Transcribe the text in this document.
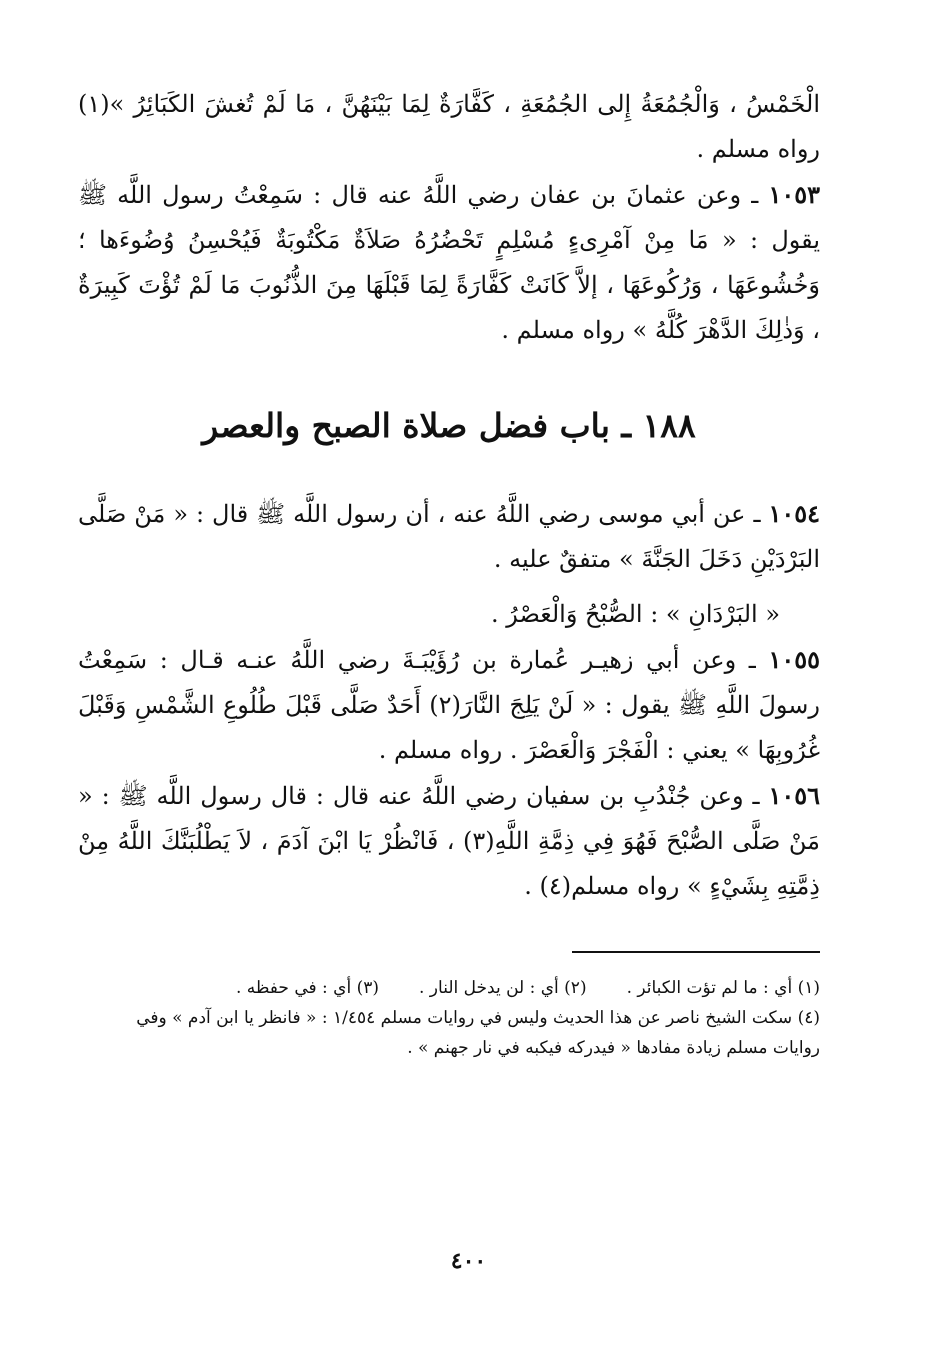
الْخَمْسُ ، وَالْجُمُعَةُ إِلى الجُمُعَةِ ، كَفَّارَةٌ لِمَا بَيْنَهُنَّ ، مَا لَمْ تُغشَ الكَبَائِرُ »(١) رواه مسلم .

١٠٥٣ ـ وعن عثمانَ بن عفان رضي اللَّهُ عنه قال : سَمِعْتُ رسول اللَّه ﷺ يقول : « مَا مِنْ آمْرِىءٍ مُسْلِمٍ تَحْضُرُهُ صَلاَةٌ مَكْتُوبَةٌ فَيُحْسِنُ وُضُوءَها ؛ وَخُشُوعَهَا ، وَرُكُوعَهَا ، إلاَّ كَانَتْ كَفَّارَةً لِمَا قَبْلَهَا مِنَ الذُّنُوبَ مَا لَمْ تُؤْتَ كَبِيرَةٌ ، وَذٰلِكَ الدَّهْرَ كُلَّهُ » رواه مسلم .

١٨٨ ـ باب فضل صلاة الصبح والعصر

١٠٥٤ ـ عن أبي موسى رضي اللَّهُ عنه ، أن رسول اللَّه ﷺ قال : « مَنْ صَلَّى البَرْدَيْنِ دَخَلَ الجَنَّةَ » متفقٌ عليه .

« البَرْدَانِ » : الصُّبْحُ وَالْعَصْرُ .

١٠٥٥ ـ وعن أبي زهيـر عُمارة بن رُؤَيْبَـةَ رضي اللَّهُ عنـه قـال : سَمِعْتُ رسولَ اللَّهِ ﷺ يقول : « لَنْ يَلِجَ النَّارَ(٢) أَحَدٌ صَلَّى قَبْلَ طُلُوعِ الشَّمْسِ وَقَبْلَ غُرُوبِهَا » يعني : الْفَجْرَ وَالْعَصْرَ . رواه مسلم .

١٠٥٦ ـ وعن جُنْدُبِ بن سفيان رضي اللَّهُ عنه قال : قال رسول اللَّه ﷺ : « مَنْ صَلَّى الصُّبْحَ فَهُوَ فِي ذِمَّةِ اللَّهِ(٣) ، فَانْظُرْ يَا ابْنَ آدَمَ ، لاَ يَطْلُبَنَّكَ اللَّهُ مِنْ ذِمَّتِهِ بِشَيْءٍ » رواه مسلم(٤) .

(١) أي : ما لم تؤت الكبائر .
(٢) أي : لن يدخل النار .
(٣) أي : في حفظه .

(٤) سكت الشيخ ناصر عن هذا الحديث وليس في روايات مسلم ١/٤٥٤ : « فانظر يا ابن آدم » وفي

روايات مسلم زيادة مفادها « فيدركه فيكبه في نار جهنم » .

٤٠٠
